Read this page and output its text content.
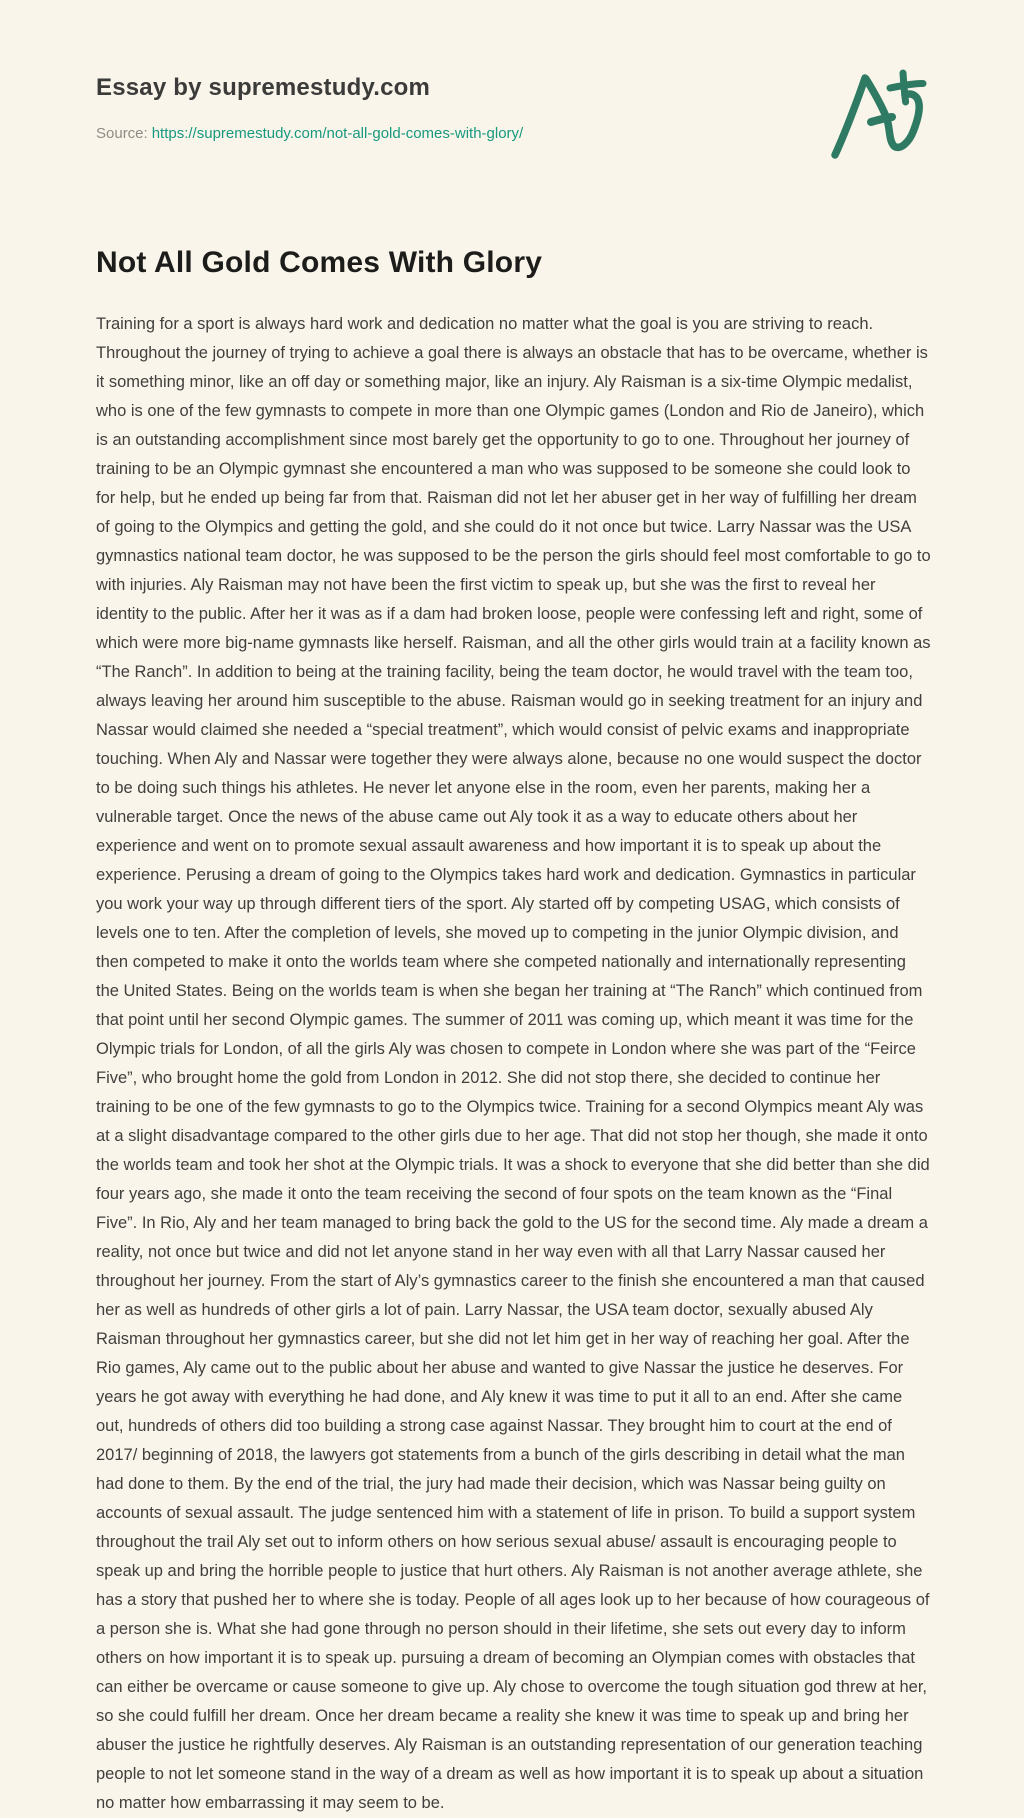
Essay by supremestudy.com

Source: https://supremestudy.com/not-all-gold-comes-with-glory/

Not All Gold Comes With Glory

Training for a sport is always hard work and dedication no matter what the goal is you are striving to reach. Throughout the journey of trying to achieve a goal there is always an obstacle that has to be overcame, whether is it something minor, like an off day or something major, like an injury. Aly Raisman is a six-time Olympic medalist, who is one of the few gymnasts to compete in more than one Olympic games (London and Rio de Janeiro), which is an outstanding accomplishment since most barely get the opportunity to go to one. Throughout her journey of training to be an Olympic gymnast she encountered a man who was supposed to be someone she could look to for help, but he ended up being far from that. Raisman did not let her abuser get in her way of fulfilling her dream of going to the Olympics and getting the gold, and she could do it not once but twice. Larry Nassar was the USA gymnastics national team doctor, he was supposed to be the person the girls should feel most comfortable to go to with injuries. Aly Raisman may not have been the first victim to speak up, but she was the first to reveal her identity to the public. After her it was as if a dam had broken loose, people were confessing left and right, some of which were more big-name gymnasts like herself. Raisman, and all the other girls would train at a facility known as “The Ranch”. In addition to being at the training facility, being the team doctor, he would travel with the team too, always leaving her around him susceptible to the abuse. Raisman would go in seeking treatment for an injury and Nassar would claimed she needed a “special treatment”, which would consist of pelvic exams and inappropriate touching. When Aly and Nassar were together they were always alone, because no one would suspect the doctor to be doing such things his athletes. He never let anyone else in the room, even her parents, making her a vulnerable target. Once the news of the abuse came out Aly took it as a way to educate others about her experience and went on to promote sexual assault awareness and how important it is to speak up about the experience. Perusing a dream of going to the Olympics takes hard work and dedication. Gymnastics in particular you work your way up through different tiers of the sport. Aly started off by competing USAG, which consists of levels one to ten. After the completion of levels, she moved up to competing in the junior Olympic division, and then competed to make it onto the worlds team where she competed nationally and internationally representing the United States. Being on the worlds team is when she began her training at “The Ranch” which continued from that point until her second Olympic games. The summer of 2011 was coming up, which meant it was time for the Olympic trials for London, of all the girls Aly was chosen to compete in London where she was part of the “Feirce Five”, who brought home the gold from London in 2012. She did not stop there, she decided to continue her training to be one of the few gymnasts to go to the Olympics twice. Training for a second Olympics meant Aly was at a slight disadvantage compared to the other girls due to her age. That did not stop her though, she made it onto the worlds team and took her shot at the Olympic trials. It was a shock to everyone that she did better than she did four years ago, she made it onto the team receiving the second of four spots on the team known as the “Final Five”. In Rio, Aly and her team managed to bring back the gold to the US for the second time. Aly made a dream a reality, not once but twice and did not let anyone stand in her way even with all that Larry Nassar caused her throughout her journey. From the start of Aly’s gymnastics career to the finish she encountered a man that caused her as well as hundreds of other girls a lot of pain. Larry Nassar, the USA team doctor, sexually abused Aly Raisman throughout her gymnastics career, but she did not let him get in her way of reaching her goal. After the Rio games, Aly came out to the public about her abuse and wanted to give Nassar the justice he deserves. For years he got away with everything he had done, and Aly knew it was time to put it all to an end. After she came out, hundreds of others did too building a strong case against Nassar. They brought him to court at the end of 2017/ beginning of 2018, the lawyers got statements from a bunch of the girls describing in detail what the man had done to them. By the end of the trial, the jury had made their decision, which was Nassar being guilty on accounts of sexual assault. The judge sentenced him with a statement of life in prison. To build a support system throughout the trail Aly set out to inform others on how serious sexual abuse/ assault is encouraging people to speak up and bring the horrible people to justice that hurt others. Aly Raisman is not another average athlete, she has a story that pushed her to where she is today. People of all ages look up to her because of how courageous of a person she is. What she had gone through no person should in their lifetime, she sets out every day to inform others on how important it is to speak up. pursuing a dream of becoming an Olympian comes with obstacles that can either be overcame or cause someone to give up. Aly chose to overcome the tough situation god threw at her, so she could fulfill her dream. Once her dream became a reality she knew it was time to speak up and bring her abuser the justice he rightfully deserves. Aly Raisman is an outstanding representation of our generation teaching people to not let someone stand in the way of a dream as well as how important it is to speak up about a situation no matter how embarrassing it may seem to be.
